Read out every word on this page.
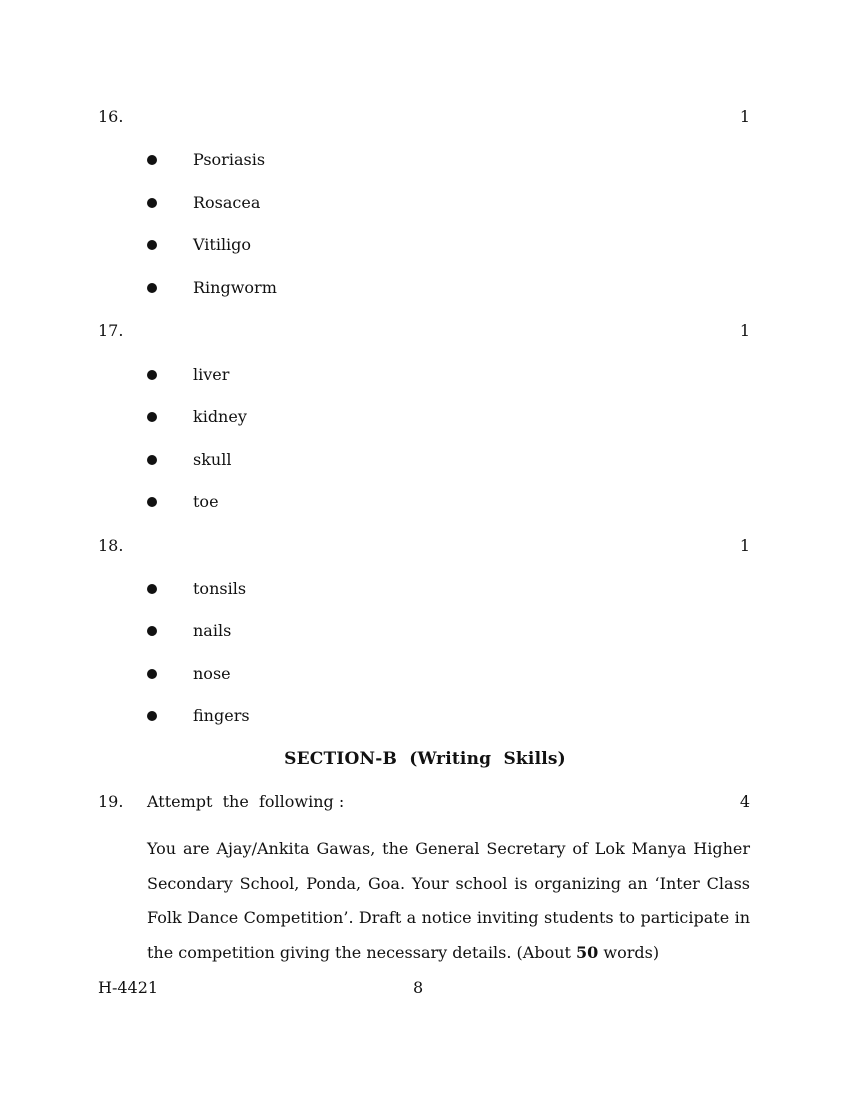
16.	1
Psoriasis
Rosacea
Vitiligo
Ringworm
17.	1
liver
kidney
skull
toe
18.	1
tonsils
nails
nose
fingers
SECTION-B  (Writing  Skills)
19.	4
Attempt  the  following :
You are Ajay/Ankita Gawas, the General Secretary of Lok Manya Higher Secondary School, Ponda, Goa. Your school is organizing an ‘Inter Class Folk Dance Competition’. Draft a notice inviting students to participate in the competition giving the necessary details. (About 50 words)
H-4421	8
